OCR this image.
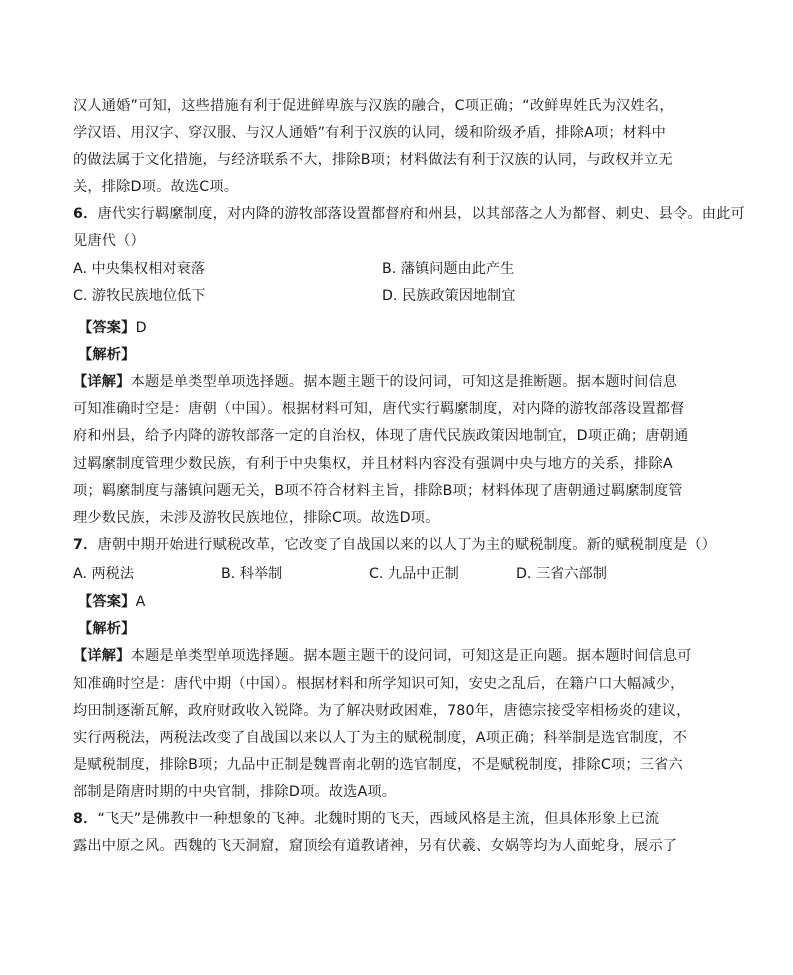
汉人通婚”可知，这些措施有利于促进鲜卑族与汉族的融合，C项正确；“改鲜卑姓氏为汉姓名，
学汉语、用汉字、穿汉服、与汉人通婚”有利于汉族的认同，缓和阶级矛盾，排除A项；材料中
的做法属于文化措施，与经济联系不大，排除B项；材料做法有利于汉族的认同，与政权并立无
关，排除D项。故选C项。
6．唐代实行羁縻制度，对内降的游牧部落设置都督府和州县，以其部落之人为都督、刺史、县令。由此可
见唐代（）
A. 中央集权相对衰落	B. 藩镇问题由此产生
C. 游牧民族地位低下	D. 民族政策因地制宜
【答案】D
【解析】
【详解】本题是单类型单项选择题。据本题主题干的设问词，可知这是推断题。据本题时间信息
可知准确时空是：唐朝（中国）。根据材料可知，唐代实行羁縻制度，对内降的游牧部落设置都督
府和州县，给予内降的游牧部落一定的自治权，体现了唐代民族政策因地制宜，D项正确；唐朝通
过羁縻制度管理少数民族，有利于中央集权，并且材料内容没有强调中央与地方的关系，排除A
项；羁縻制度与藩镇问题无关，B项不符合材料主旨，排除B项；材料体现了唐朝通过羁縻制度管
理少数民族，未涉及游牧民族地位，排除C项。故选D项。
7．唐朝中期开始进行赋税改革，它改变了自战国以来的以人丁为主的赋税制度。新的赋税制度是（）
A. 两税法	B. 科举制	C. 九品中正制	D. 三省六部制
【答案】A
【解析】
【详解】本题是单类型单项选择题。据本题主题干的设问词，可知这是正向题。据本题时间信息可
知准确时空是：唐代中期（中国）。根据材料和所学知识可知，安史之乱后，在籍户口大幅减少，
均田制逐渐瓦解，政府财政收入锐降。为了解决财政困难，780年，唐德宗接受宰相杨炎的建议，
实行两税法，两税法改变了自战国以来以人丁为主的赋税制度，A项正确；科举制是选官制度，不
是赋税制度，排除B项；九品中正制是魏晋南北朝的选官制度，不是赋税制度，排除C项；三省六
部制是隋唐时期的中央官制，排除D项。故选A项。
8．“飞天”是佛教中一种想象的飞神。北魏时期的飞天，西域风格是主流，但具体形象上已流
露出中原之风。西魏的飞天洞窟，窟顶绘有道教诸神，另有伏羲、女娲等均为人面蛇身，展示了
